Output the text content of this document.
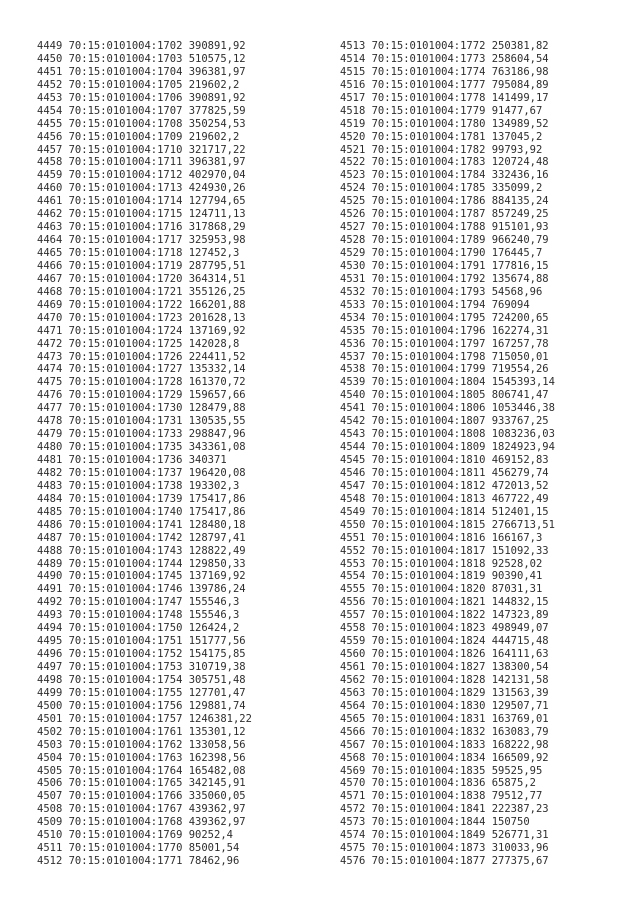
4449 70:15:0101004:1702 390891,92
4450 70:15:0101004:1703 510575,12
4451 70:15:0101004:1704 396381,97
4452 70:15:0101004:1705 219602,2
4453 70:15:0101004:1706 390891,92
4454 70:15:0101004:1707 377825,59
4455 70:15:0101004:1708 350254,53
4456 70:15:0101004:1709 219602,2
4457 70:15:0101004:1710 321717,22
4458 70:15:0101004:1711 396381,97
4459 70:15:0101004:1712 402970,04
4460 70:15:0101004:1713 424930,26
4461 70:15:0101004:1714 127794,65
4462 70:15:0101004:1715 124711,13
4463 70:15:0101004:1716 317868,29
4464 70:15:0101004:1717 325953,98
4465 70:15:0101004:1718 127452,3
4466 70:15:0101004:1719 287795,51
4467 70:15:0101004:1720 364314,51
4468 70:15:0101004:1721 355126,25
4469 70:15:0101004:1722 166201,88
4470 70:15:0101004:1723 201628,13
4471 70:15:0101004:1724 137169,92
4472 70:15:0101004:1725 142028,8
4473 70:15:0101004:1726 224411,52
4474 70:15:0101004:1727 135332,14
4475 70:15:0101004:1728 161370,72
4476 70:15:0101004:1729 159657,66
4477 70:15:0101004:1730 128479,88
4478 70:15:0101004:1731 130535,55
4479 70:15:0101004:1733 298847,96
4480 70:15:0101004:1735 343361,08
4481 70:15:0101004:1736 340371
4482 70:15:0101004:1737 196420,08
4483 70:15:0101004:1738 193302,3
4484 70:15:0101004:1739 175417,86
4485 70:15:0101004:1740 175417,86
4486 70:15:0101004:1741 128480,18
4487 70:15:0101004:1742 128797,41
4488 70:15:0101004:1743 128822,49
4489 70:15:0101004:1744 129850,33
4490 70:15:0101004:1745 137169,92
4491 70:15:0101004:1746 139786,24
4492 70:15:0101004:1747 155546,3
4493 70:15:0101004:1748 155546,3
4494 70:15:0101004:1750 126424,2
4495 70:15:0101004:1751 151777,56
4496 70:15:0101004:1752 154175,85
4497 70:15:0101004:1753 310719,38
4498 70:15:0101004:1754 305751,48
4499 70:15:0101004:1755 127701,47
4500 70:15:0101004:1756 129881,74
4501 70:15:0101004:1757 1246381,22
4502 70:15:0101004:1761 135301,12
4503 70:15:0101004:1762 133058,56
4504 70:15:0101004:1763 162398,56
4505 70:15:0101004:1764 165482,08
4506 70:15:0101004:1765 342145,91
4507 70:15:0101004:1766 335060,05
4508 70:15:0101004:1767 439362,97
4509 70:15:0101004:1768 439362,97
4510 70:15:0101004:1769 90252,4
4511 70:15:0101004:1770 85001,54
4512 70:15:0101004:1771 78462,96
4513 70:15:0101004:1772 250381,82
4514 70:15:0101004:1773 258604,54
4515 70:15:0101004:1774 763186,98
4516 70:15:0101004:1777 795084,89
4517 70:15:0101004:1778 141499,17
4518 70:15:0101004:1779 91477,67
4519 70:15:0101004:1780 134989,52
4520 70:15:0101004:1781 137045,2
4521 70:15:0101004:1782 99793,92
4522 70:15:0101004:1783 120724,48
4523 70:15:0101004:1784 332436,16
4524 70:15:0101004:1785 335099,2
4525 70:15:0101004:1786 884135,24
4526 70:15:0101004:1787 857249,25
4527 70:15:0101004:1788 915101,93
4528 70:15:0101004:1789 966240,79
4529 70:15:0101004:1790 176445,7
4530 70:15:0101004:1791 177816,15
4531 70:15:0101004:1792 135674,88
4532 70:15:0101004:1793 54568,96
4533 70:15:0101004:1794 769094
4534 70:15:0101004:1795 724200,65
4535 70:15:0101004:1796 162274,31
4536 70:15:0101004:1797 167257,78
4537 70:15:0101004:1798 715050,01
4538 70:15:0101004:1799 719554,26
4539 70:15:0101004:1804 1545393,14
4540 70:15:0101004:1805 806741,47
4541 70:15:0101004:1806 1053446,38
4542 70:15:0101004:1807 933767,25
4543 70:15:0101004:1808 1083236,03
4544 70:15:0101004:1809 1824923,94
4545 70:15:0101004:1810 469152,83
4546 70:15:0101004:1811 456279,74
4547 70:15:0101004:1812 472013,52
4548 70:15:0101004:1813 467722,49
4549 70:15:0101004:1814 512401,15
4550 70:15:0101004:1815 2766713,51
4551 70:15:0101004:1816 166167,3
4552 70:15:0101004:1817 151092,33
4553 70:15:0101004:1818 92528,02
4554 70:15:0101004:1819 90390,41
4555 70:15:0101004:1820 87031,31
4556 70:15:0101004:1821 144832,15
4557 70:15:0101004:1822 147323,89
4558 70:15:0101004:1823 498949,07
4559 70:15:0101004:1824 444715,48
4560 70:15:0101004:1826 164111,63
4561 70:15:0101004:1827 138300,54
4562 70:15:0101004:1828 142131,58
4563 70:15:0101004:1829 131563,39
4564 70:15:0101004:1830 129507,71
4565 70:15:0101004:1831 163769,01
4566 70:15:0101004:1832 163083,79
4567 70:15:0101004:1833 168222,98
4568 70:15:0101004:1834 166509,92
4569 70:15:0101004:1835 59525,95
4570 70:15:0101004:1836 65875,2
4571 70:15:0101004:1838 79512,77
4572 70:15:0101004:1841 222387,23
4573 70:15:0101004:1844 150750
4574 70:15:0101004:1849 526771,31
4575 70:15:0101004:1873 310033,96
4576 70:15:0101004:1877 277375,67
